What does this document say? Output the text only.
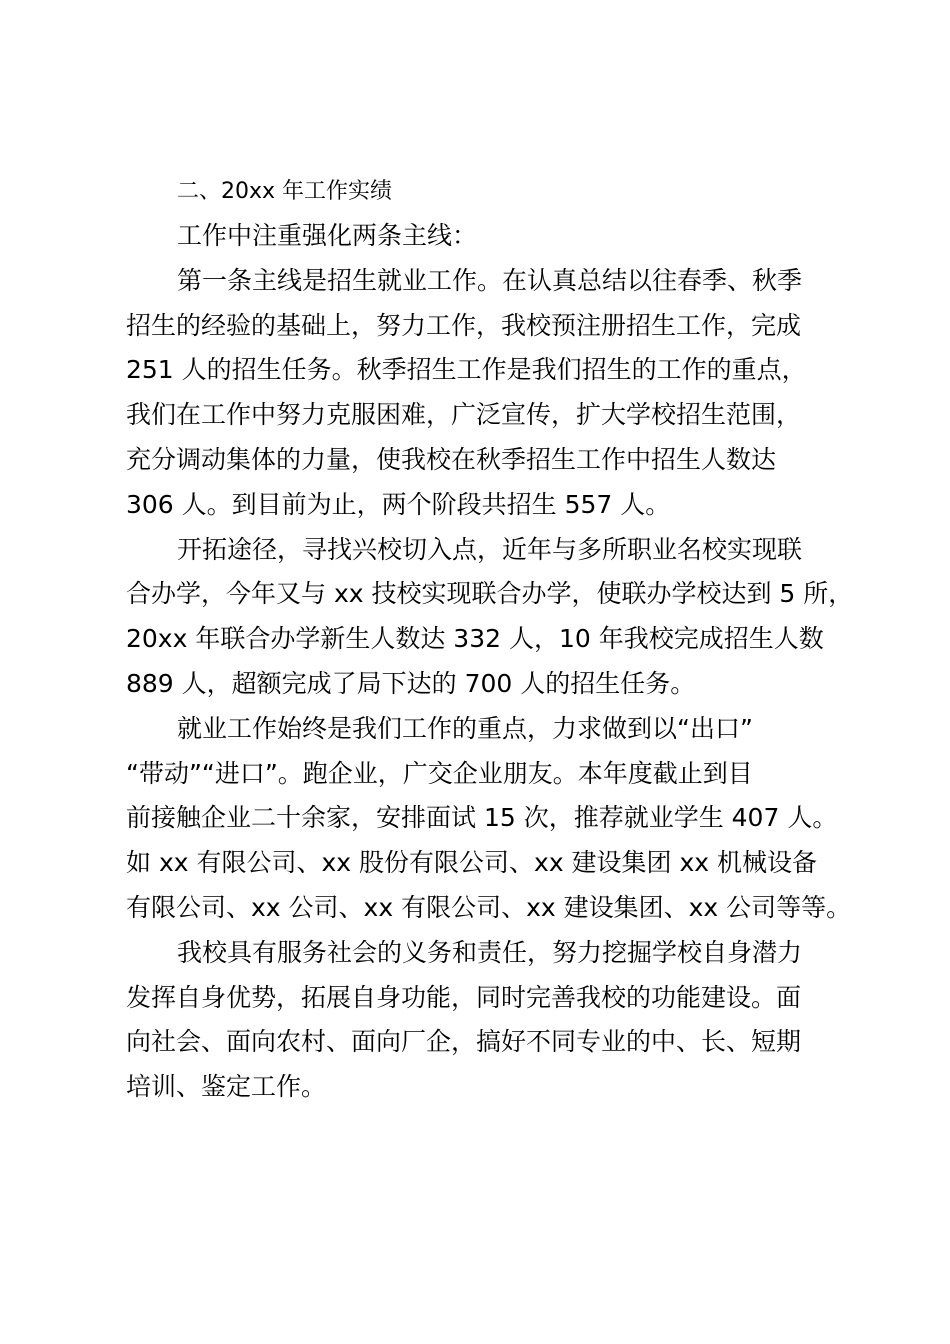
二、20xx 年工作实绩

工作中注重强化两条主线：

第一条主线是招生就业工作。在认真总结以往春季、秋季
招生的经验的基础上，努力工作，我校预注册招生工作，完成
251 人的招生任务。秋季招生工作是我们招生的工作的重点，
我们在工作中努力克服困难，广泛宣传，扩大学校招生范围，
充分调动集体的力量，使我校在秋季招生工作中招生人数达
306 人。到目前为止，两个阶段共招生 557 人。

开拓途径，寻找兴校切入点，近年与多所职业名校实现联
合办学，今年又与 xx 技校实现联合办学，使联办学校达到 5 所，
20xx 年联合办学新生人数达 332 人，10 年我校完成招生人数
889 人，超额完成了局下达的 700 人的招生任务。

就业工作始终是我们工作的重点，力求做到以“出口”
“带动”“进口”。跑企业，广交企业朋友。本年度截止到目
前接触企业二十余家，安排面试 15 次，推荐就业学生 407 人。
如 xx 有限公司、xx 股份有限公司、xx 建设集团 xx 机械设备
有限公司、xx 公司、xx 有限公司、xx 建设集团、xx 公司等等。

我校具有服务社会的义务和责任，努力挖掘学校自身潜力
发挥自身优势，拓展自身功能，同时完善我校的功能建设。面
向社会、面向农村、面向厂企，搞好不同专业的中、长、短期
培训、鉴定工作。
